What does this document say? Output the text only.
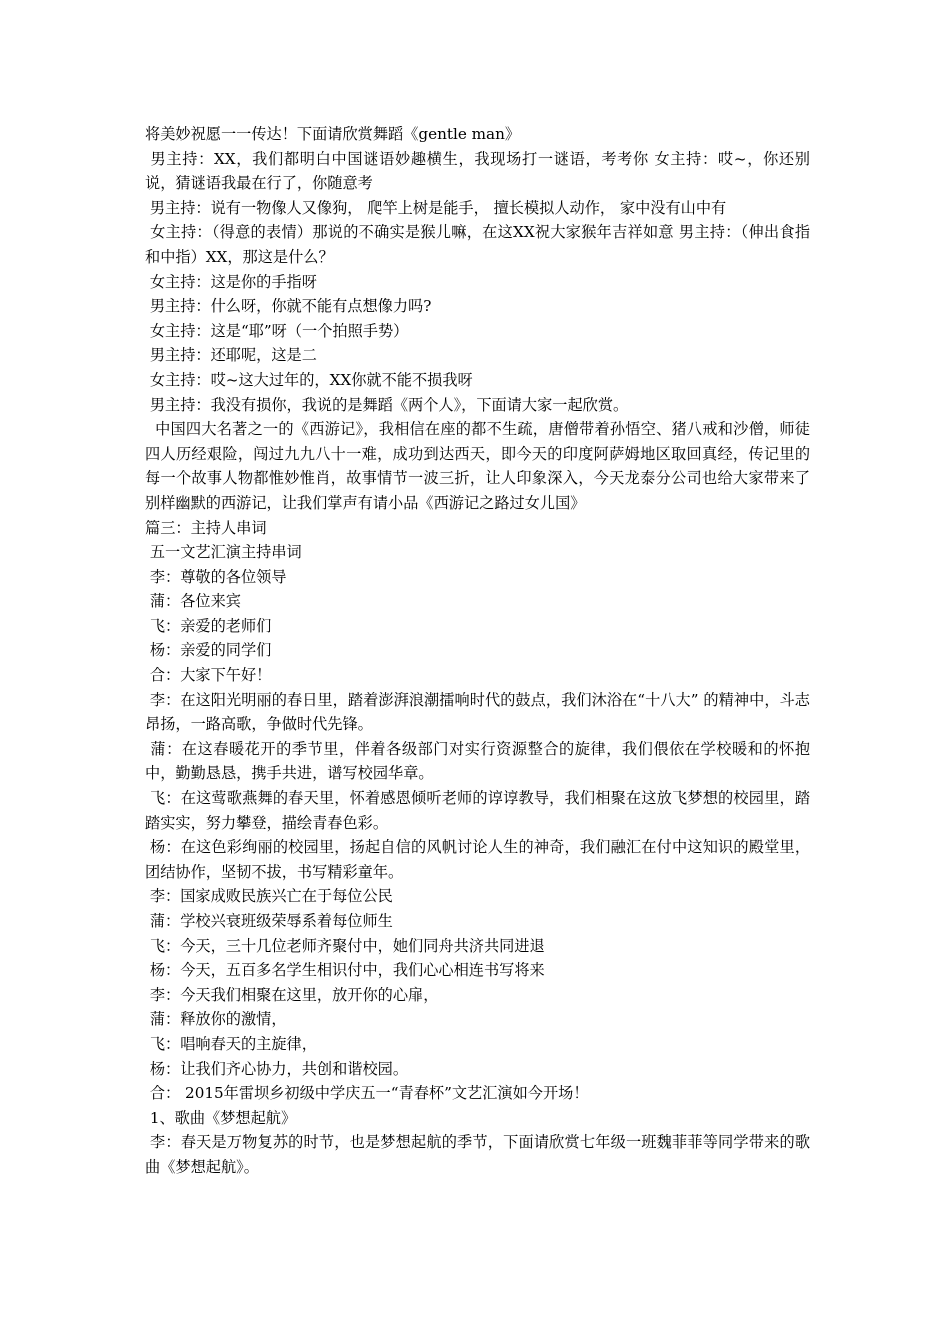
将美妙祝愿一一传达！下面请欣赏舞蹈《gentle man》

男主持：XX，我们都明白中国谜语妙趣横生，我现场打一谜语，考考你 女主持：哎~，你还别说，猜谜语我最在行了，你随意考

男主持：说有一物像人又像狗， 爬竿上树是能手， 擅长模拟人动作， 家中没有山中有

女主持：（得意的表情）那说的不确实是猴儿嘛，在这XX祝大家猴年吉祥如意 男主持：（伸出食指和中指）XX，那这是什么？

女主持：这是你的手指呀

男主持：什么呀，你就不能有点想像力吗?

女主持：这是“耶”呀（一个拍照手势）

男主持：还耶呢，这是二

女主持：哎~这大过年的，XX你就不能不损我呀

男主持：我没有损你，我说的是舞蹈《两个人》，下面请大家一起欣赏。

中国四大名著之一的《西游记》，我相信在座的都不生疏，唐僧带着孙悟空、猪八戒和沙僧，师徒四人历经艰险，闯过九九八十一难，成功到达西天，即今天的印度阿萨姆地区取回真经，传记里的每一个故事人物都惟妙惟肖，故事情节一波三折，让人印象深入，今天龙泰分公司也给大家带来了别样幽默的西游记，让我们掌声有请小品《西游记之路过女儿国》

篇三：主持人串词

五一文艺汇演主持串词

李：尊敬的各位领导

蒲：各位来宾

飞：亲爱的老师们

杨：亲爱的同学们

合：大家下午好！

李：在这阳光明丽的春日里，踏着澎湃浪潮擂响时代的鼓点，我们沐浴在“十八大” 的精神中，斗志昂扬，一路高歌，争做时代先锋。

蒲：在这春暖花开的季节里，伴着各级部门对实行资源整合的旋律，我们偎依在学校暖和的怀抱中，勤勤恳恳，携手共进，谱写校园华章。

飞：在这莺歌燕舞的春天里，怀着感恩倾听老师的谆谆教导，我们相聚在这放飞梦想的校园里，踏踏实实，努力攀登，描绘青春色彩。

杨：在这色彩绚丽的校园里，扬起自信的风帆讨论人生的神奇，我们融汇在付中这知识的殿堂里，团结协作，坚韧不拔，书写精彩童年。

李：国家成败民族兴亡在于每位公民

蒲：学校兴衰班级荣辱系着每位师生

飞：今天，三十几位老师齐聚付中，她们同舟共济共同进退

杨：今天，五百多名学生相识付中，我们心心相连书写将来

李：今天我们相聚在这里，放开你的心扉，

蒲：释放你的激情，

飞：唱响春天的主旋律，

杨：让我们齐心协力，共创和谐校园。

合： 2015年雷坝乡初级中学庆五一“青春杯”文艺汇演如今开场！

1、歌曲《梦想起航》

李：春天是万物复苏的时节，也是梦想起航的季节，下面请欣赏七年级一班魏菲菲等同学带来的歌曲《梦想起航》。
